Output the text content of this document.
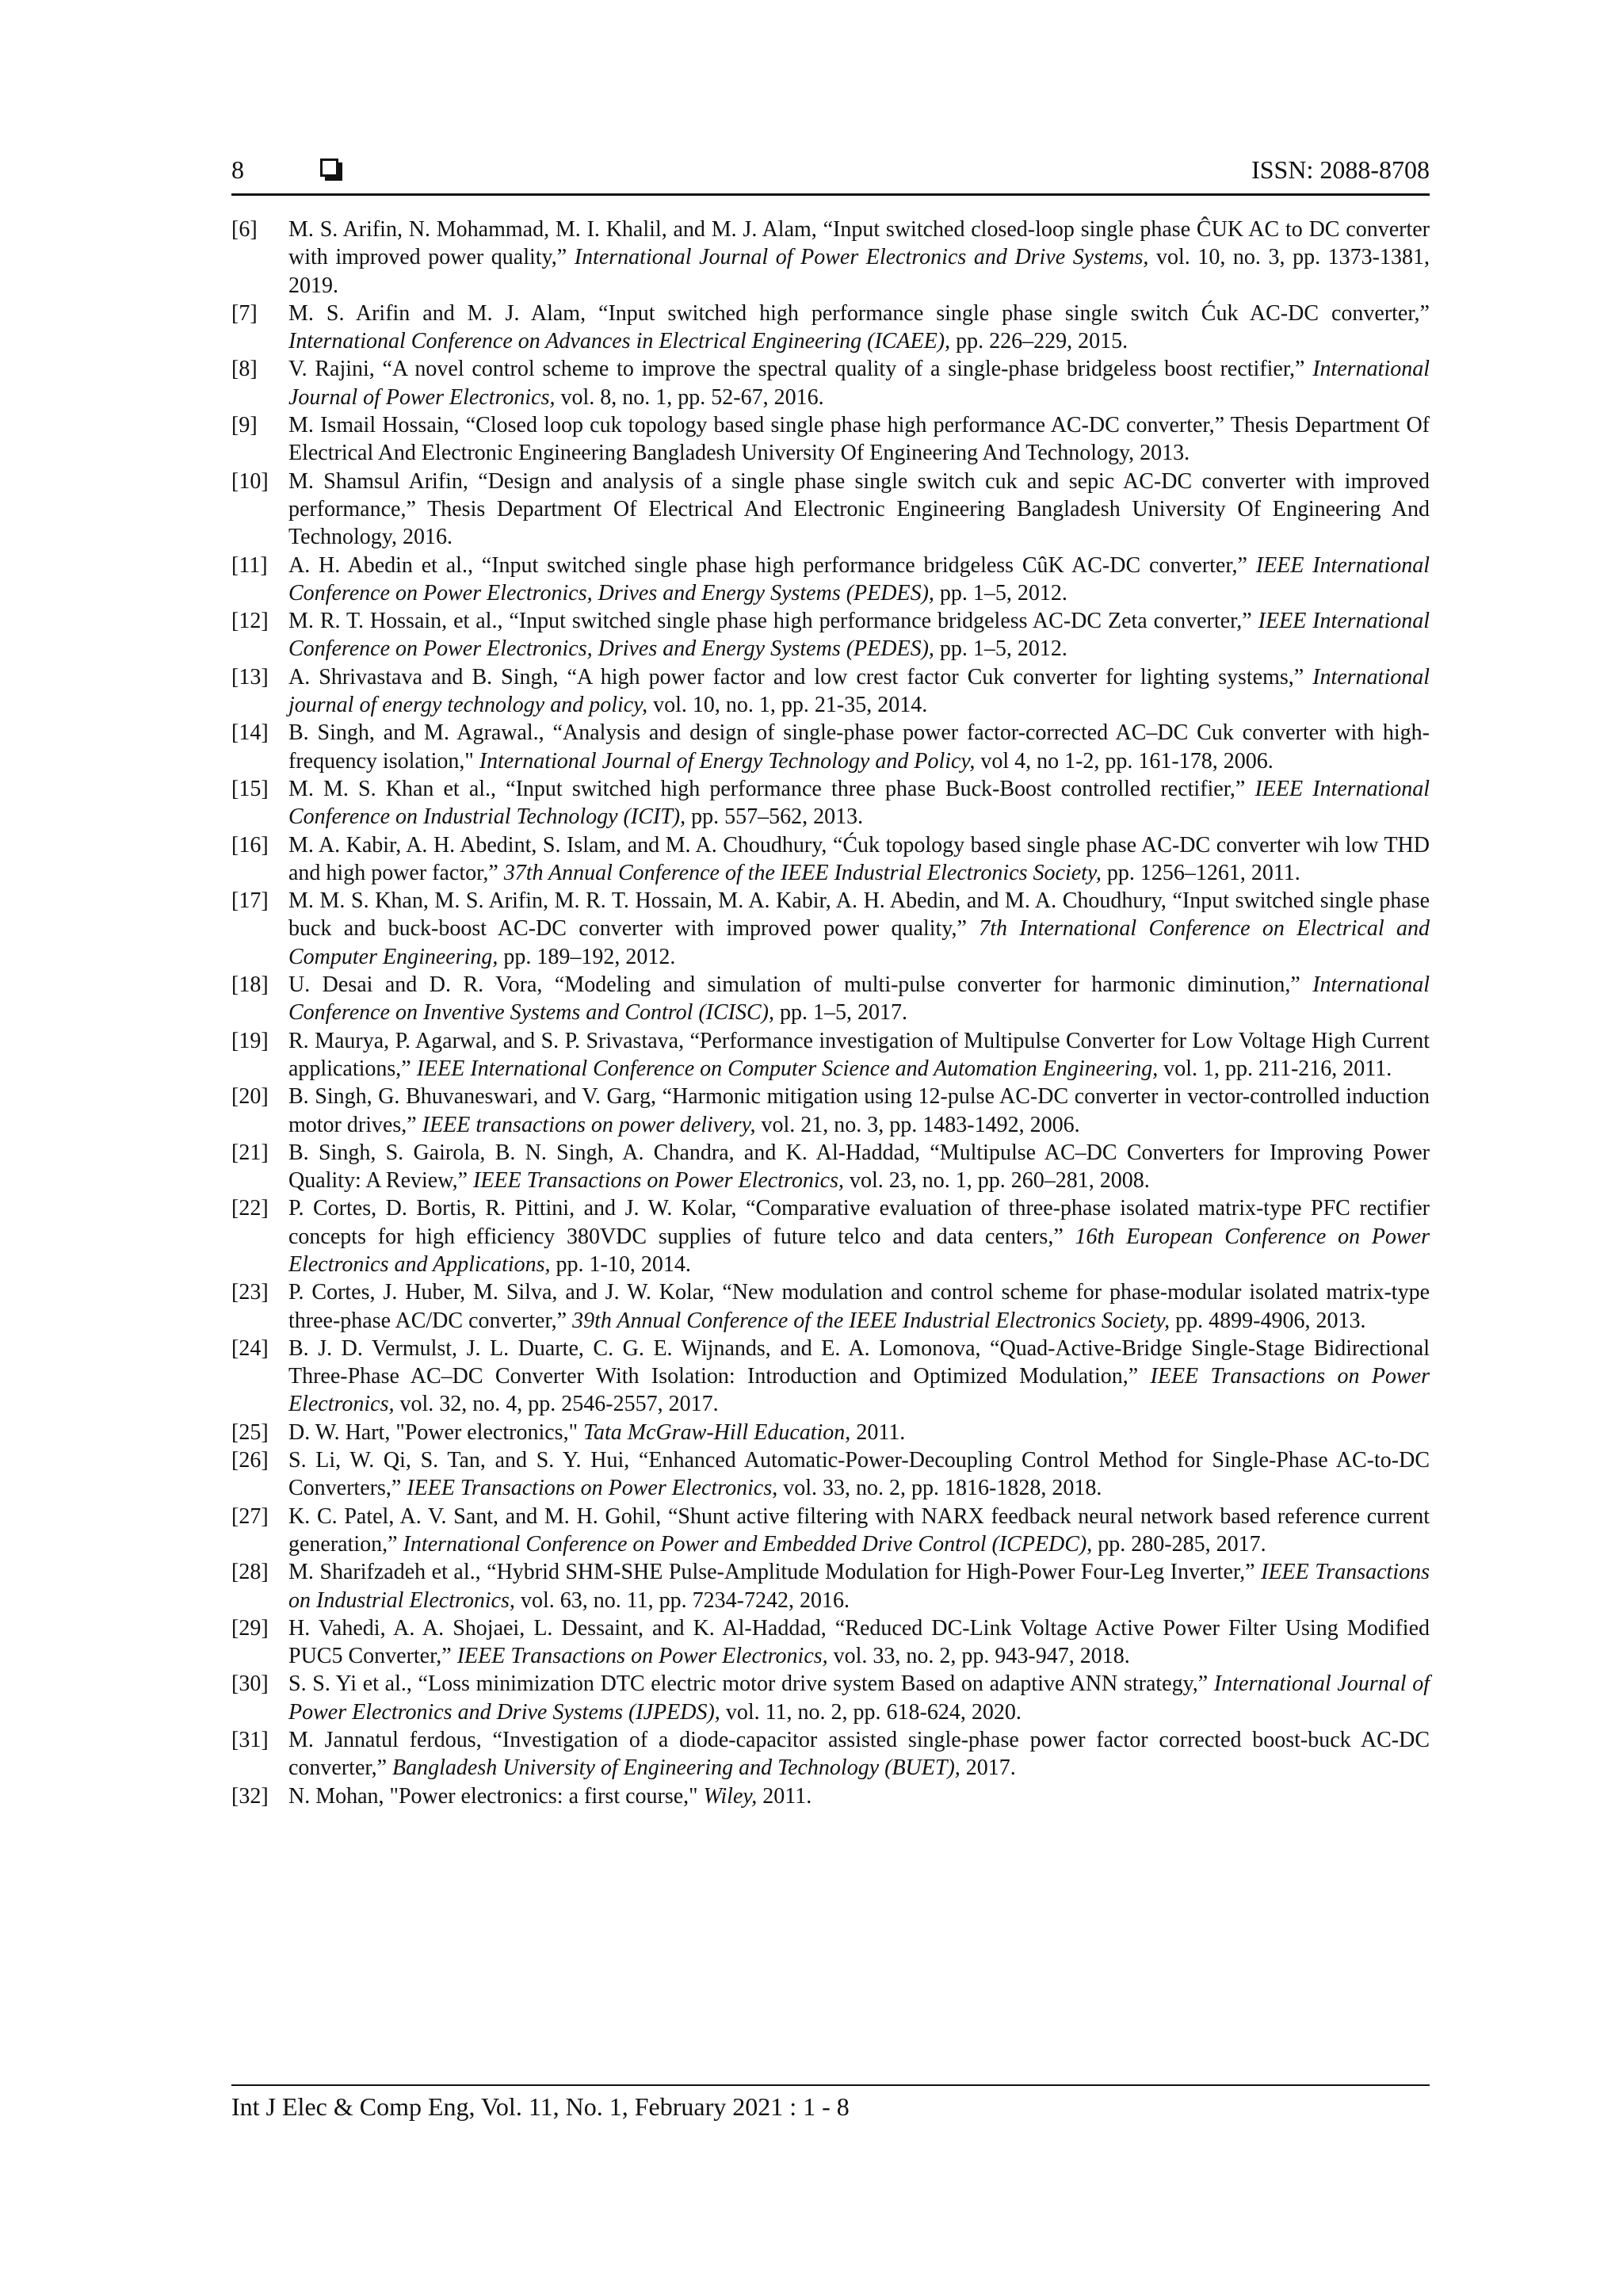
8	ISSN: 2088-8708
[6]	M. S. Arifin, N. Mohammad, M. I. Khalil, and M. J. Alam, “Input switched closed-loop single phase ĈUK AC to DC converter with improved power quality,” International Journal of Power Electronics and Drive Systems, vol. 10, no. 3, pp. 1373-1381, 2019.
[7]	M. S. Arifin and M. J. Alam, “Input switched high performance single phase single switch Ćuk AC-DC converter,” International Conference on Advances in Electrical Engineering (ICAEE), pp. 226–229, 2015.
[8]	V. Rajini, “A novel control scheme to improve the spectral quality of a single-phase bridgeless boost rectifier,” International Journal of Power Electronics, vol. 8, no. 1, pp. 52-67, 2016.
[9]	M. Ismail Hossain, “Closed loop cuk topology based single phase high performance AC-DC converter,” Thesis Department Of Electrical And Electronic Engineering Bangladesh University Of Engineering And Technology, 2013.
[10] M. Shamsul Arifin, “Design and analysis of a single phase single switch cuk and sepic AC-DC converter with improved performance,” Thesis Department Of Electrical And Electronic Engineering Bangladesh University Of Engineering And Technology, 2016.
[11] A. H. Abedin et al., “Input switched single phase high performance bridgeless CûK AC-DC converter,” IEEE International Conference on Power Electronics, Drives and Energy Systems (PEDES), pp. 1–5, 2012.
[12] M. R. T. Hossain, et al., “Input switched single phase high performance bridgeless AC-DC Zeta converter,” IEEE International Conference on Power Electronics, Drives and Energy Systems (PEDES), pp. 1–5, 2012.
[13] A. Shrivastava and B. Singh, “A high power factor and low crest factor Cuk converter for lighting systems,” International journal of energy technology and policy, vol. 10, no. 1, pp. 21-35, 2014.
[14] B. Singh, and M. Agrawal., “Analysis and design of single-phase power factor-corrected AC–DC Cuk converter with high-frequency isolation," International Journal of Energy Technology and Policy, vol 4, no 1-2, pp. 161-178, 2006.
[15] M. M. S. Khan et al., “Input switched high performance three phase Buck-Boost controlled rectifier,” IEEE International Conference on Industrial Technology (ICIT), pp. 557–562, 2013.
[16] M. A. Kabir, A. H. Abedint, S. Islam, and M. A. Choudhury, “Ćuk topology based single phase AC-DC converter wih low THD and high power factor,” 37th Annual Conference of the IEEE Industrial Electronics Society, pp. 1256–1261, 2011.
[17] M. M. S. Khan, M. S. Arifin, M. R. T. Hossain, M. A. Kabir, A. H. Abedin, and M. A. Choudhury, “Input switched single phase buck and buck-boost AC-DC converter with improved power quality,” 7th International Conference on Electrical and Computer Engineering, pp. 189–192, 2012.
[18] U. Desai and D. R. Vora, “Modeling and simulation of multi-pulse converter for harmonic diminution,” International Conference on Inventive Systems and Control (ICISC), pp. 1–5, 2017.
[19] R. Maurya, P. Agarwal, and S. P. Srivastava, “Performance investigation of Multipulse Converter for Low Voltage High Current applications,” IEEE International Conference on Computer Science and Automation Engineering, vol. 1, pp. 211-216, 2011.
[20] B. Singh, G. Bhuvaneswari, and V. Garg, “Harmonic mitigation using 12-pulse AC-DC converter in vector-controlled induction motor drives,” IEEE transactions on power delivery, vol. 21, no. 3, pp. 1483-1492, 2006.
[21] B. Singh, S. Gairola, B. N. Singh, A. Chandra, and K. Al-Haddad, “Multipulse AC–DC Converters for Improving Power Quality: A Review,” IEEE Transactions on Power Electronics, vol. 23, no. 1, pp. 260–281, 2008.
[22] P. Cortes, D. Bortis, R. Pittini, and J. W. Kolar, “Comparative evaluation of three-phase isolated matrix-type PFC rectifier concepts for high efficiency 380VDC supplies of future telco and data centers,” 16th European Conference on Power Electronics and Applications, pp. 1-10, 2014.
[23] P. Cortes, J. Huber, M. Silva, and J. W. Kolar, “New modulation and control scheme for phase-modular isolated matrix-type three-phase AC/DC converter,” 39th Annual Conference of the IEEE Industrial Electronics Society, pp. 4899-4906, 2013.
[24] B. J. D. Vermulst, J. L. Duarte, C. G. E. Wijnands, and E. A. Lomonova, “Quad-Active-Bridge Single-Stage Bidirectional Three-Phase AC–DC Converter With Isolation: Introduction and Optimized Modulation,” IEEE Transactions on Power Electronics, vol. 32, no. 4, pp. 2546-2557, 2017.
[25] D. W. Hart, "Power electronics," Tata McGraw-Hill Education, 2011.
[26] S. Li, W. Qi, S. Tan, and S. Y. Hui, “Enhanced Automatic-Power-Decoupling Control Method for Single-Phase AC-to-DC Converters,” IEEE Transactions on Power Electronics, vol. 33, no. 2, pp. 1816-1828, 2018.
[27] K. C. Patel, A. V. Sant, and M. H. Gohil, “Shunt active filtering with NARX feedback neural network based reference current generation,” International Conference on Power and Embedded Drive Control (ICPEDC), pp. 280-285, 2017.
[28] M. Sharifzadeh et al., “Hybrid SHM-SHE Pulse-Amplitude Modulation for High-Power Four-Leg Inverter,” IEEE Transactions on Industrial Electronics, vol. 63, no. 11, pp. 7234-7242, 2016.
[29] H. Vahedi, A. A. Shojaei, L. Dessaint, and K. Al-Haddad, “Reduced DC-Link Voltage Active Power Filter Using Modified PUC5 Converter,” IEEE Transactions on Power Electronics, vol. 33, no. 2, pp. 943-947, 2018.
[30] S. S. Yi et al., “Loss minimization DTC electric motor drive system Based on adaptive ANN strategy,” International Journal of Power Electronics and Drive Systems (IJPEDS), vol. 11, no. 2, pp. 618-624, 2020.
[31] M. Jannatul ferdous, “Investigation of a diode-capacitor assisted single-phase power factor corrected boost-buck AC-DC converter,” Bangladesh University of Engineering and Technology (BUET), 2017.
[32] N. Mohan, "Power electronics: a first course," Wiley, 2011.
Int J Elec & Comp Eng, Vol. 11, No. 1, February 2021 : 1 - 8
